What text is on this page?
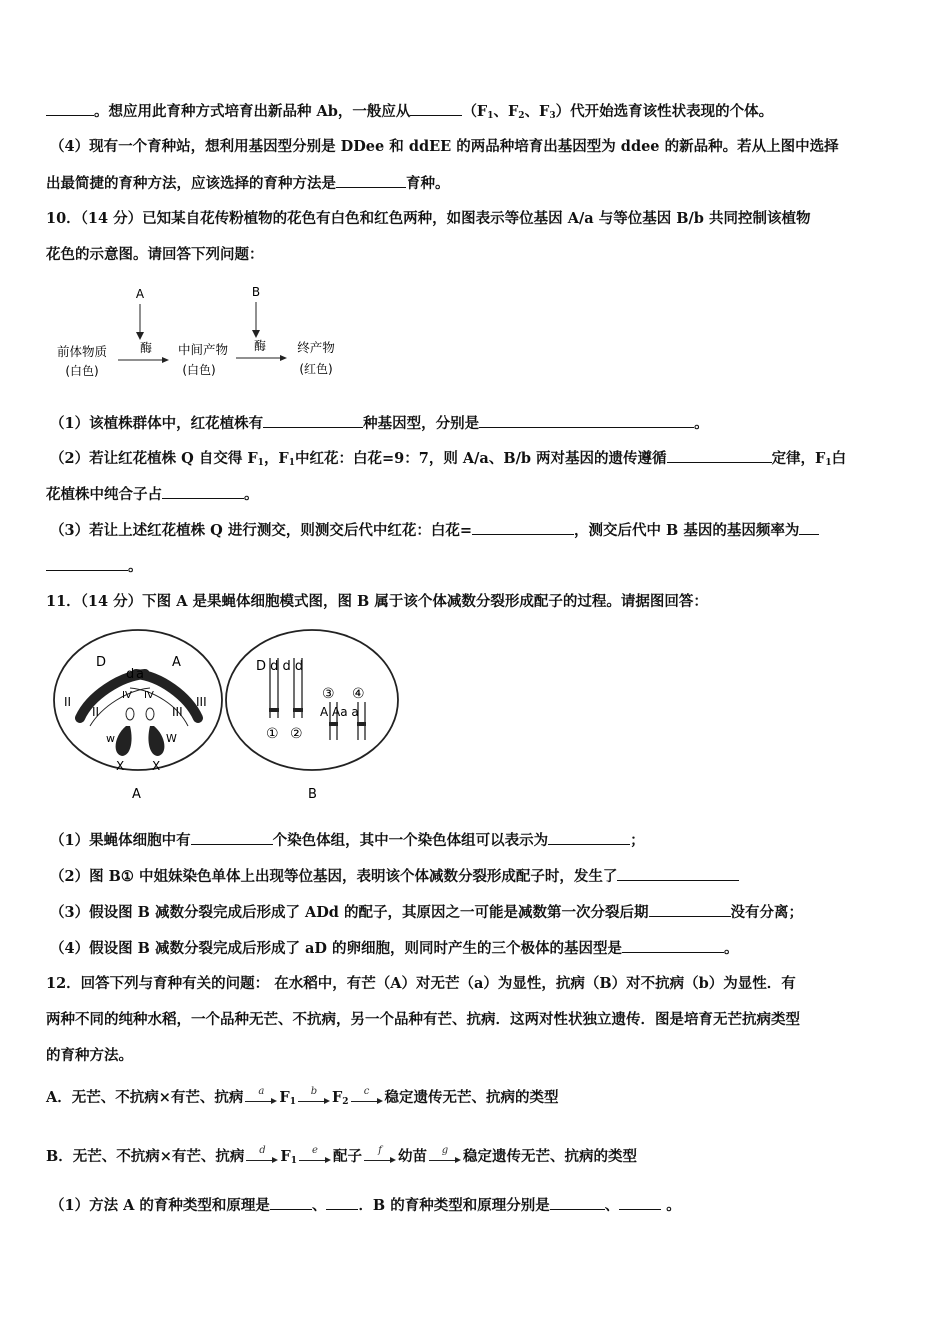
。想应用此育种方式培育出新品种 Ab，一般应从	（$F_1$、$F_2$、$F_3$）代开始选育该性状表现的个体。
（4）现有一个育种站，想利用基因型分别是 DDee 和 ddEE 的两品种培育出基因型为 ddee 的新品种。若从上图中选择
出最简捷的育种方法，应该选择的育种方法是	育种。
10．（14 分）已知某自花传粉植物的花色有白色和红色两种，如图表示等位基因 A/a 与等位基因 B/b 共同控制该植物
花色的示意图。请回答下列问题：
A	B
前体物质
(白色)
酶 中间产物
(白色)
酶 终产物
(红色)
（1）该植株群体中，红花植株有	种基因型，分别是	。
（2）若让红花植株 Q 自交得 $F_1$，$F_1$中红花：白花=9：7，则 A/a、B/b 两对基因的遗传遵循	定律，$F_1$白
花植株中纯合子占	。
（3）若让上述红花植株 Q 进行测交，则测交后代中红花：白花=	，测交后代中 B 基因的基因频率为
。
11．（14 分）下图 A 是果蝇体细胞模式图，图 B 属于该个体减数分裂形成配子的过程。请据图回答：
D
d a
A
II
II	III
III
IV IV
w	W
X X
A
D d d d
① ②
③ ④
A Aa a
B
（1）果蝇体细胞中有	个染色体组，其中一个染色体组可以表示为	；
（2）图 B① 中姐妹染色单体上出现等位基因，表明该个体减数分裂形成配子时，发生了
（3）假设图 B 减数分裂完成后形成了 ADd 的配子，其原因之一可能是减数第一次分裂后期	没有分离；
（4）假设图 B 减数分裂完成后形成了 aD 的卵细胞，则同时产生的三个极体的基因型是	。
12．回答下列与育种有关的问题： 在水稻中，有芒（A）对无芒（a）为显性，抗病（B）对不抗病（b）为显性．有
两种不同的纯种水稻，一个品种无芒、不抗病，另一个品种有芒、抗病．这两对性状独立遗传．图是培育无芒抗病类型
的育种方法。
A．无芒、不抗病×有芒、抗病	a	$F_1$
b	$F_2$
c	稳定遗传无芒、抗病的类型
B．无芒、不抗病×有芒、抗病	d	$F_1$
e	配子	f	幼苗	g	稳定遗传无芒、抗病的类型
（1）方法 A 的育种类型和原理是	、 ．B 的育种类型和原理分别是	、	。
